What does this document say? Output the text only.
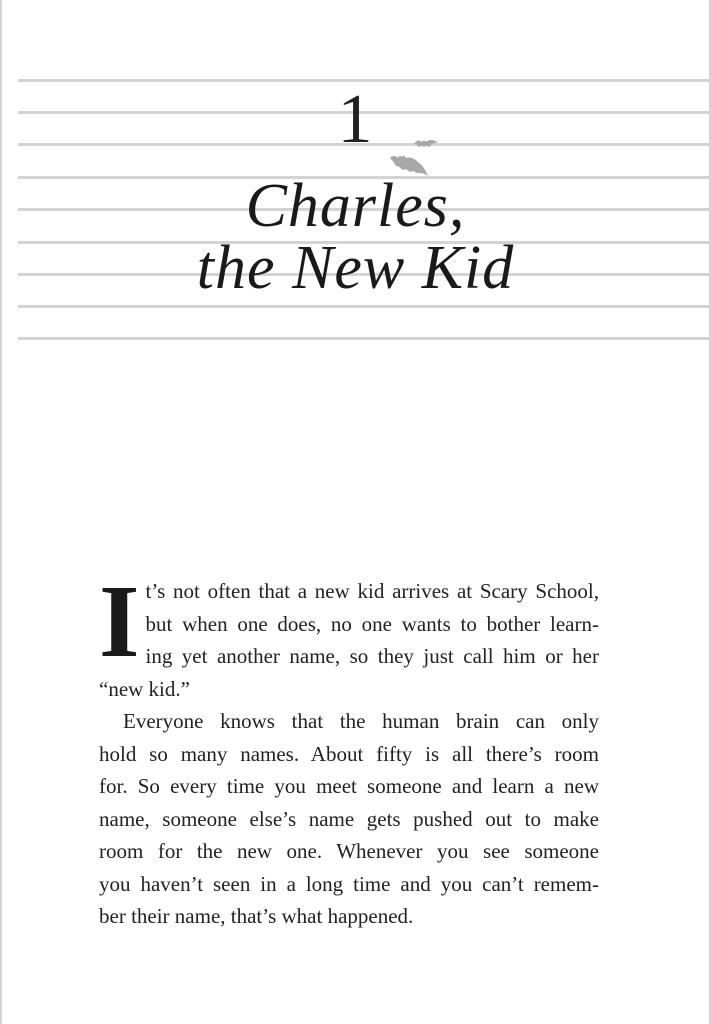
1
Charles,
the New Kid

I t’s not often that a new kid arrives at Scary School,
but when one does, no one wants to bother learn-
ing yet another name, so they just call him or her
“new kid.”

Everyone knows that the human brain can only
hold so many names. About fifty is all there’s room
for. So every time you meet someone and learn a new
name, someone else’s name gets pushed out to make
room for the new one. Whenever you see someone
you haven’t seen in a long time and you can’t remem-
ber their name, that’s what happened.
